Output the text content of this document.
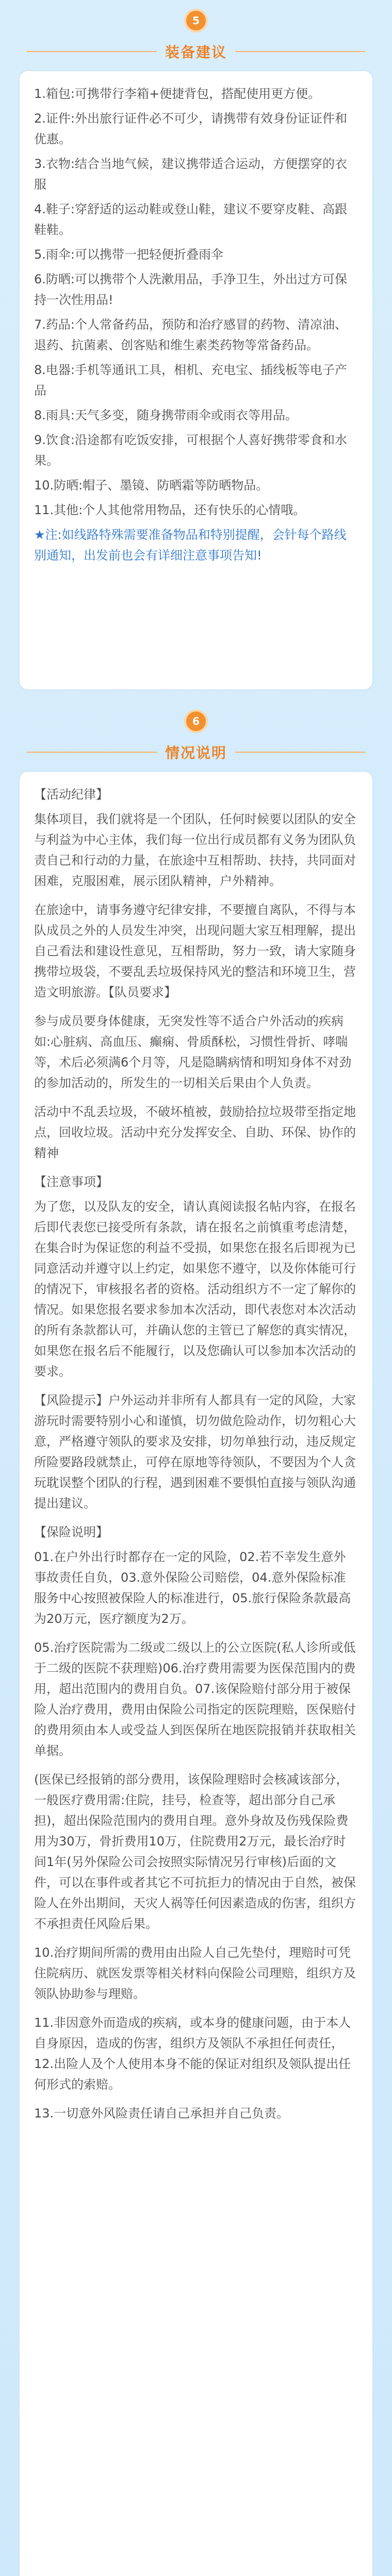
5
装备建议

1.箱包:可携带行李箱+便捷背包，搭配使用更方便。

2.证件:外出旅行证件必不可少，请携带有效身份证证件和优惠。

3.衣物:结合当地气候，建议携带适合运动，方便摆穿的衣服

4.鞋子:穿舒适的运动鞋或登山鞋，建议不要穿皮鞋、高跟鞋鞋。

5.雨伞:可以携带一把轻便折叠雨伞

6.防晒:可以携带个人洗漱用品，手净卫生，外出过方可保持一次性用品!

7.药品:个人常备药品，预防和治疗感冒的药物、清凉油、退药、抗菌素、创客贴和维生素类药物等常备药品。

8.电器:手机等通讯工具，相机、充电宝、插线板等电子产品

8.雨具:天气多变，随身携带雨伞或雨衣等用品。

9.饮食:沿途都有吃饭安排，可根据个人喜好携带零食和水果。

10.防晒:帽子、墨镜、防晒霜等防晒物品。

11.其他:个人其他常用物品，还有快乐的心情哦。

★注:如线路特殊需要准备物品和特别提醒，会针每个路线别通知，出发前也会有详细注意事项告知!

6
情况说明

【活动纪律】

集体项目，我们就将是一个团队，任何时候要以团队的安全与利益为中心主体，我们每一位出行成员都有义务为团队负责自己和行动的力量，在旅途中互相帮助、扶持，共同面对困难，克服困难，展示团队精神，户外精神。

在旅途中，请事务遵守纪律安排，不要擅自离队，不得与本队成员之外的人员发生冲突，出现问题大家互相理解，提出自己看法和建设性意见，互相帮助，努力一致，请大家随身携带垃圾袋，不要乱丢垃圾保持风光的整洁和环境卫生，营造文明旅游。【队员要求】

参与成员要身体健康，无突发性等不适合户外活动的疾病如:心脏病、高血压、癫痫、骨质酥松，习惯性骨折、哮喘等，术后必须满6个月等，凡是隐瞒病情和明知身体不对劲的参加活动的，所发生的一切相关后果由个人负责。

活动中不乱丢垃圾，不破坏植被，鼓励拾拉垃圾带至指定地点，回收垃圾。活动中充分发挥安全、自助、环保、协作的精神

【注意事项】

为了您，以及队友的安全，请认真阅读报名帖内容，在报名后即代表您已接受所有条款，请在报名之前慎重考虑清楚，在集合时为保证您的利益不受损，如果您在报名后即视为已同意活动并遵守以上约定，如果您不遵守，以及你体能可行的情况下，审核报名者的资格。活动组织方不一定了解你的情况。如果您报名要求参加本次活动，即代表您对本次活动的所有条款都认可，并确认您的主管已了解您的真实情况，如果您在报名后不能履行，以及您确认可以参加本次活动的要求。

【风险提示】户外运动并非所有人都具有一定的风险，大家游玩时需要特别小心和谨慎，切勿做危险动作，切勿粗心大意，严格遵守领队的要求及安排，切勿单独行动，违反规定所险要路段就禁止，可停在原地等待领队，不要因为个人贪玩耽误整个团队的行程，遇到困难不要惧怕直接与领队沟通提出建议。

【保险说明】

01.在户外出行时都存在一定的风险，02.若不幸发生意外事故责任自负，03.意外保险公司赔偿，04.意外保险标准服务中心按照被保险人的标准进行，05.旅行保险条款最高为20万元，医疗额度为2万。

05.治疗医院需为二级或二级以上的公立医院(私人诊所或低于二级的医院不获理赔)06.治疗费用需要为医保范围内的费用，超出范围内的费用自负。07.该保险赔付部分用于被保险人治疗费用，费用由保险公司指定的医院理赔，医保赔付的费用须由本人或受益人到医保所在地医院报销并获取相关单据。

(医保已经报销的部分费用，该保险理赔时会核减该部分，一般医疗费用需:住院，挂号，检查等，超出部分自己承担)，超出保险范围内的费用自理。意外身故及伤残保险费用为30万，骨折费用10万，住院费用2万元，最长治疗时间1年(另外保险公司会按照实际情况另行审核)后面的文件，可以在事件或者其它不可抗拒力的情况由于自然，被保险人在外出期间，天灾人祸等任何因素造成的伤害，组织方不承担责任风险后果。

10.治疗期间所需的费用由出险人自己先垫付，理赔时可凭住院病历、就医发票等相关材料向保险公司理赔，组织方及领队协助参与理赔。

11.非因意外而造成的疾病，或本身的健康问题，由于本人自身原因，造成的伤害，组织方及领队不承担任何责任，12.出险人及个人使用本身不能的保证对组织及领队提出任何形式的索赔。

13.一切意外风险责任请自己承担并自己负责。
